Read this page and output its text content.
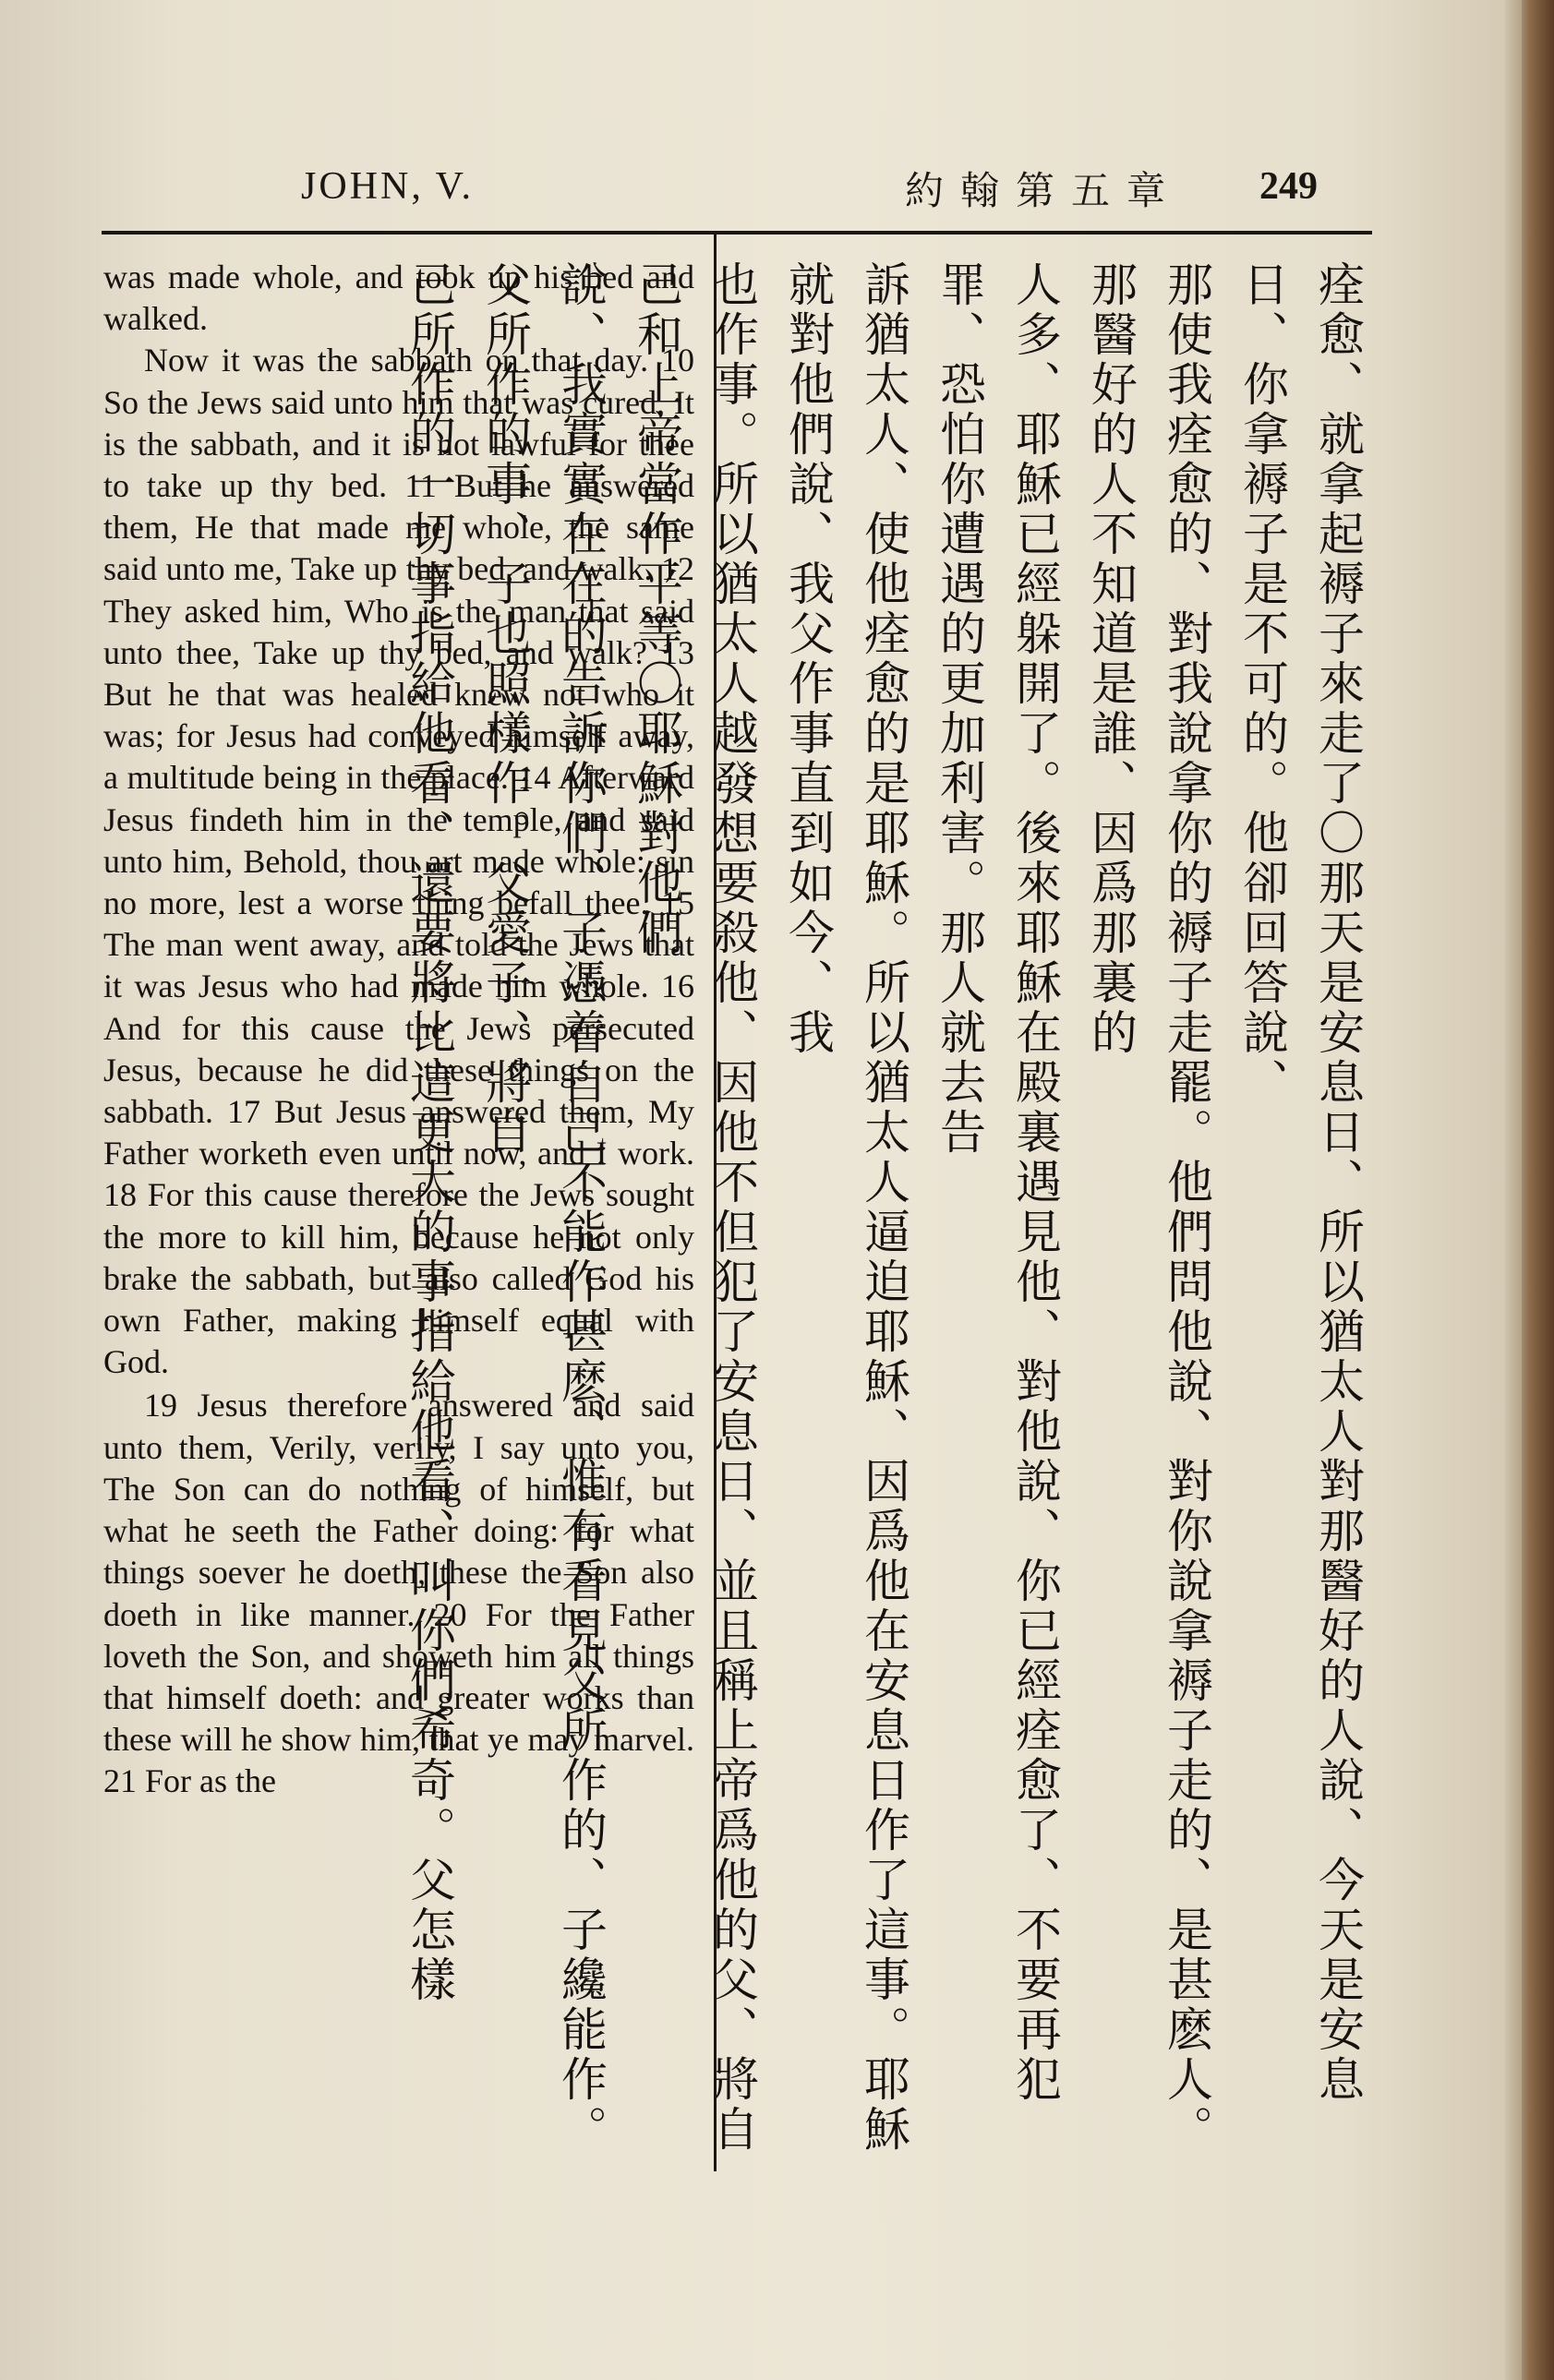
JOHN, V.	約翰第五章 249

was made whole, and took up his bed and walked.

Now it was the sabbath on that day. 10 So the Jews said unto him that was cured, It is the sabbath, and it is not lawful for thee to take up thy bed. 11 But he answered them, He that made me whole, the same said unto me, Take up thy bed, and walk. 12 They asked him, Who is the man that said unto thee, Take up thy bed, and walk? 13 But he that was healed knew not who it was; for Jesus had conveyed himself away, a multitude being in the place. 14 Afterward Jesus findeth him in the temple, and said unto him, Behold, thou art made whole: sin no more, lest a worse thing befall thee. 15 The man went away, and told the Jews that it was Jesus who had made him whole. 16 And for this cause the Jews persecuted Jesus, because he did these things on the sabbath. 17 But Jesus answered them, My Father worketh even until now, and I work. 18 For this cause therefore the Jews sought the more to kill him, because he not only brake the sabbath, but also called God his own Father, making himself equal with God.

19 Jesus therefore answered and said unto them, Verily, verily, I say unto you, The Son can do nothing of himself, but what he seeth the Father doing: for what things soever he doeth, these the Son also doeth in like manner. 20 For the Father loveth the Son, and showeth him all things that himself doeth: and greater works than these will he show him, that ye may marvel. 21 For as the	痊愈、就拿起褥子來走了〇那天是安息日、所以猶太人對那醫好的人說、今天是安息日、你拿褥子是不可的。他卻回答說、
那使我痊愈的、對我說拿你的褥子走罷。他們問他說、對你說拿褥子走的、是甚麽人。那醫好的人不知道是誰、因爲那裏的
人多、耶穌已經躲開了。後來耶穌在殿裏遇見他、對他說、你已經痊愈了、不要再犯罪、恐怕你遭遇的更加利害。那人就去告
訴猶太人、使他痊愈的是耶穌。所以猶太人逼迫耶穌、因爲他在安息日作了這事。耶穌就對他們說、我父作事直到如今、我
也作事。所以猶太人越發想要殺他、因他不但犯了安息日、並且稱上帝爲他的父、將自己和上帝當作平等〇耶穌對他們
說、我實實在在的告訴你們、子憑着自己不能作甚麽、惟有看見父所作的、子纔能作。父所作的事、子也照樣作。父愛子、將自
己所作的一切事指給他看、還要將比這更大的事指給他看、叫你們希奇。父怎樣
